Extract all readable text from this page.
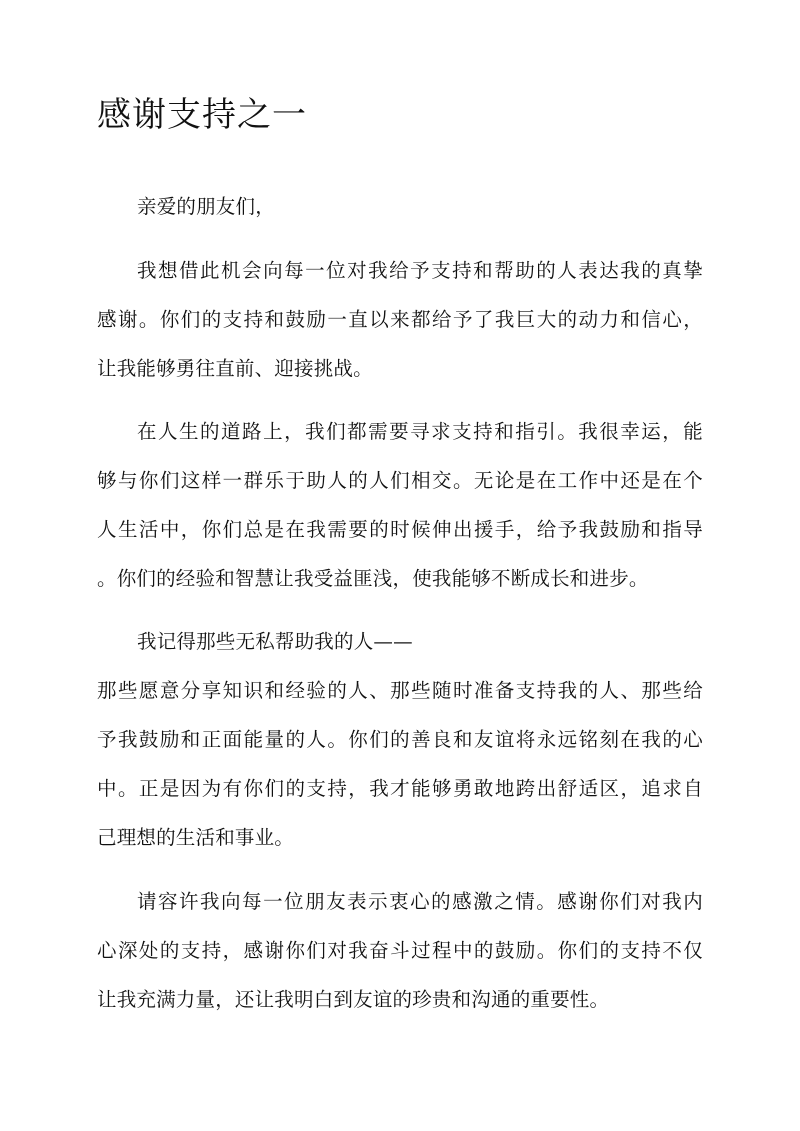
感谢支持之一

亲爱的朋友们，

我想借此机会向每一位对我给予支持和帮助的人表达我的真挚

感谢。你们的支持和鼓励一直以来都给予了我巨大的动力和信心，

让我能够勇往直前、迎接挑战。

在人生的道路上，我们都需要寻求支持和指引。我很幸运，能

够与你们这样一群乐于助人的人们相交。无论是在工作中还是在个

人生活中，你们总是在我需要的时候伸出援手，给予我鼓励和指导

。你们的经验和智慧让我受益匪浅，使我能够不断成长和进步。

我记得那些无私帮助我的人——

那些愿意分享知识和经验的人、那些随时准备支持我的人、那些给

予我鼓励和正面能量的人。你们的善良和友谊将永远铭刻在我的心

中。正是因为有你们的支持，我才能够勇敢地跨出舒适区，追求自

己理想的生活和事业。

请容许我向每一位朋友表示衷心的感激之情。感谢你们对我内

心深处的支持，感谢你们对我奋斗过程中的鼓励。你们的支持不仅

让我充满力量，还让我明白到友谊的珍贵和沟通的重要性。
